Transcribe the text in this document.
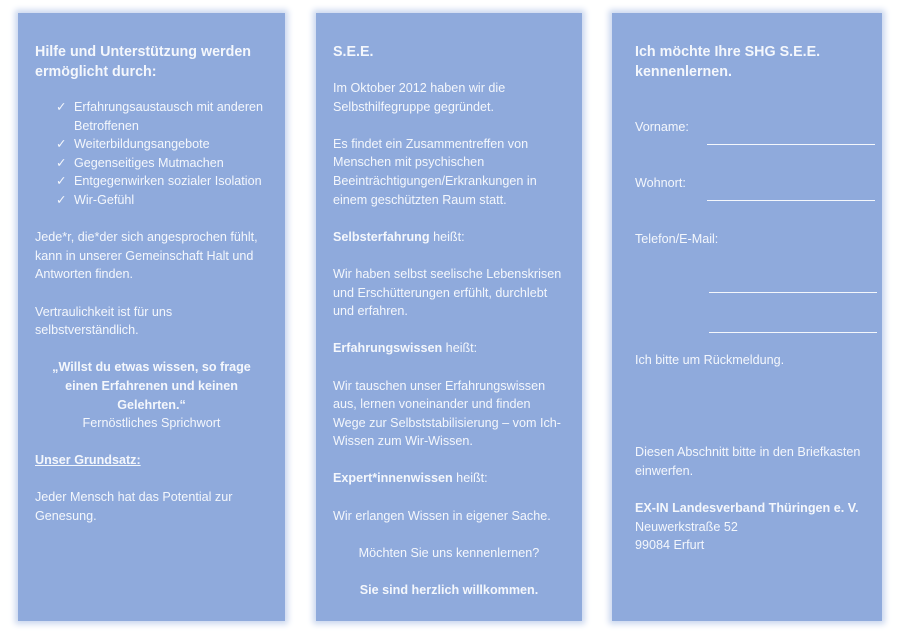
Hilfe und Unterstützung werden ermöglicht durch:
✓ Erfahrungsaustausch mit anderen Betroffenen
✓ Weiterbildungsangebote
✓ Gegenseitiges Mutmachen
✓ Entgegenwirken sozialer Isolation
✓ Wir-Gefühl

Jede*r, die*der sich angesprochen fühlt, kann in unserer Gemeinschaft Halt und Antworten finden.

Vertraulichkeit ist für uns selbstverständlich.

„Willst du etwas wissen, so frage einen Erfahrenen und keinen Gelehrten.“

Fernöstliches Sprichwort

Unser Grundsatz:

Jeder Mensch hat das Potential zur Genesung.

S.E.E.

Im Oktober 2012 haben wir die Selbsthilfegruppe gegründet.

Es findet ein Zusammentreffen von Menschen mit psychischen Beeinträchtigungen/Erkrankungen in einem geschützten Raum statt.

Selbsterfahrung heißt:

Wir haben selbst seelische Lebenskrisen und Erschütterungen erfühlt, durchlebt und erfahren.

Erfahrungswissen heißt:

Wir tauschen unser Erfahrungswissen aus, lernen voneinander und finden Wege zur Selbststabilisierung – vom Ich-Wissen zum Wir-Wissen.

Expert*innenwissen heißt:

Wir erlangen Wissen in eigener Sache.

Möchten Sie uns kennenlernen?

Sie sind herzlich willkommen.

Ich möchte Ihre SHG S.E.E. kennenlernen.
Vorname:
Wohnort:

Telefon/E-Mail:

Ich bitte um Rückmeldung.

Diesen Abschnitt bitte in den Briefkasten einwerfen.

EX-IN Landesverband Thüringen e. V.

Neuwerkstraße 52

99084 Erfurt
